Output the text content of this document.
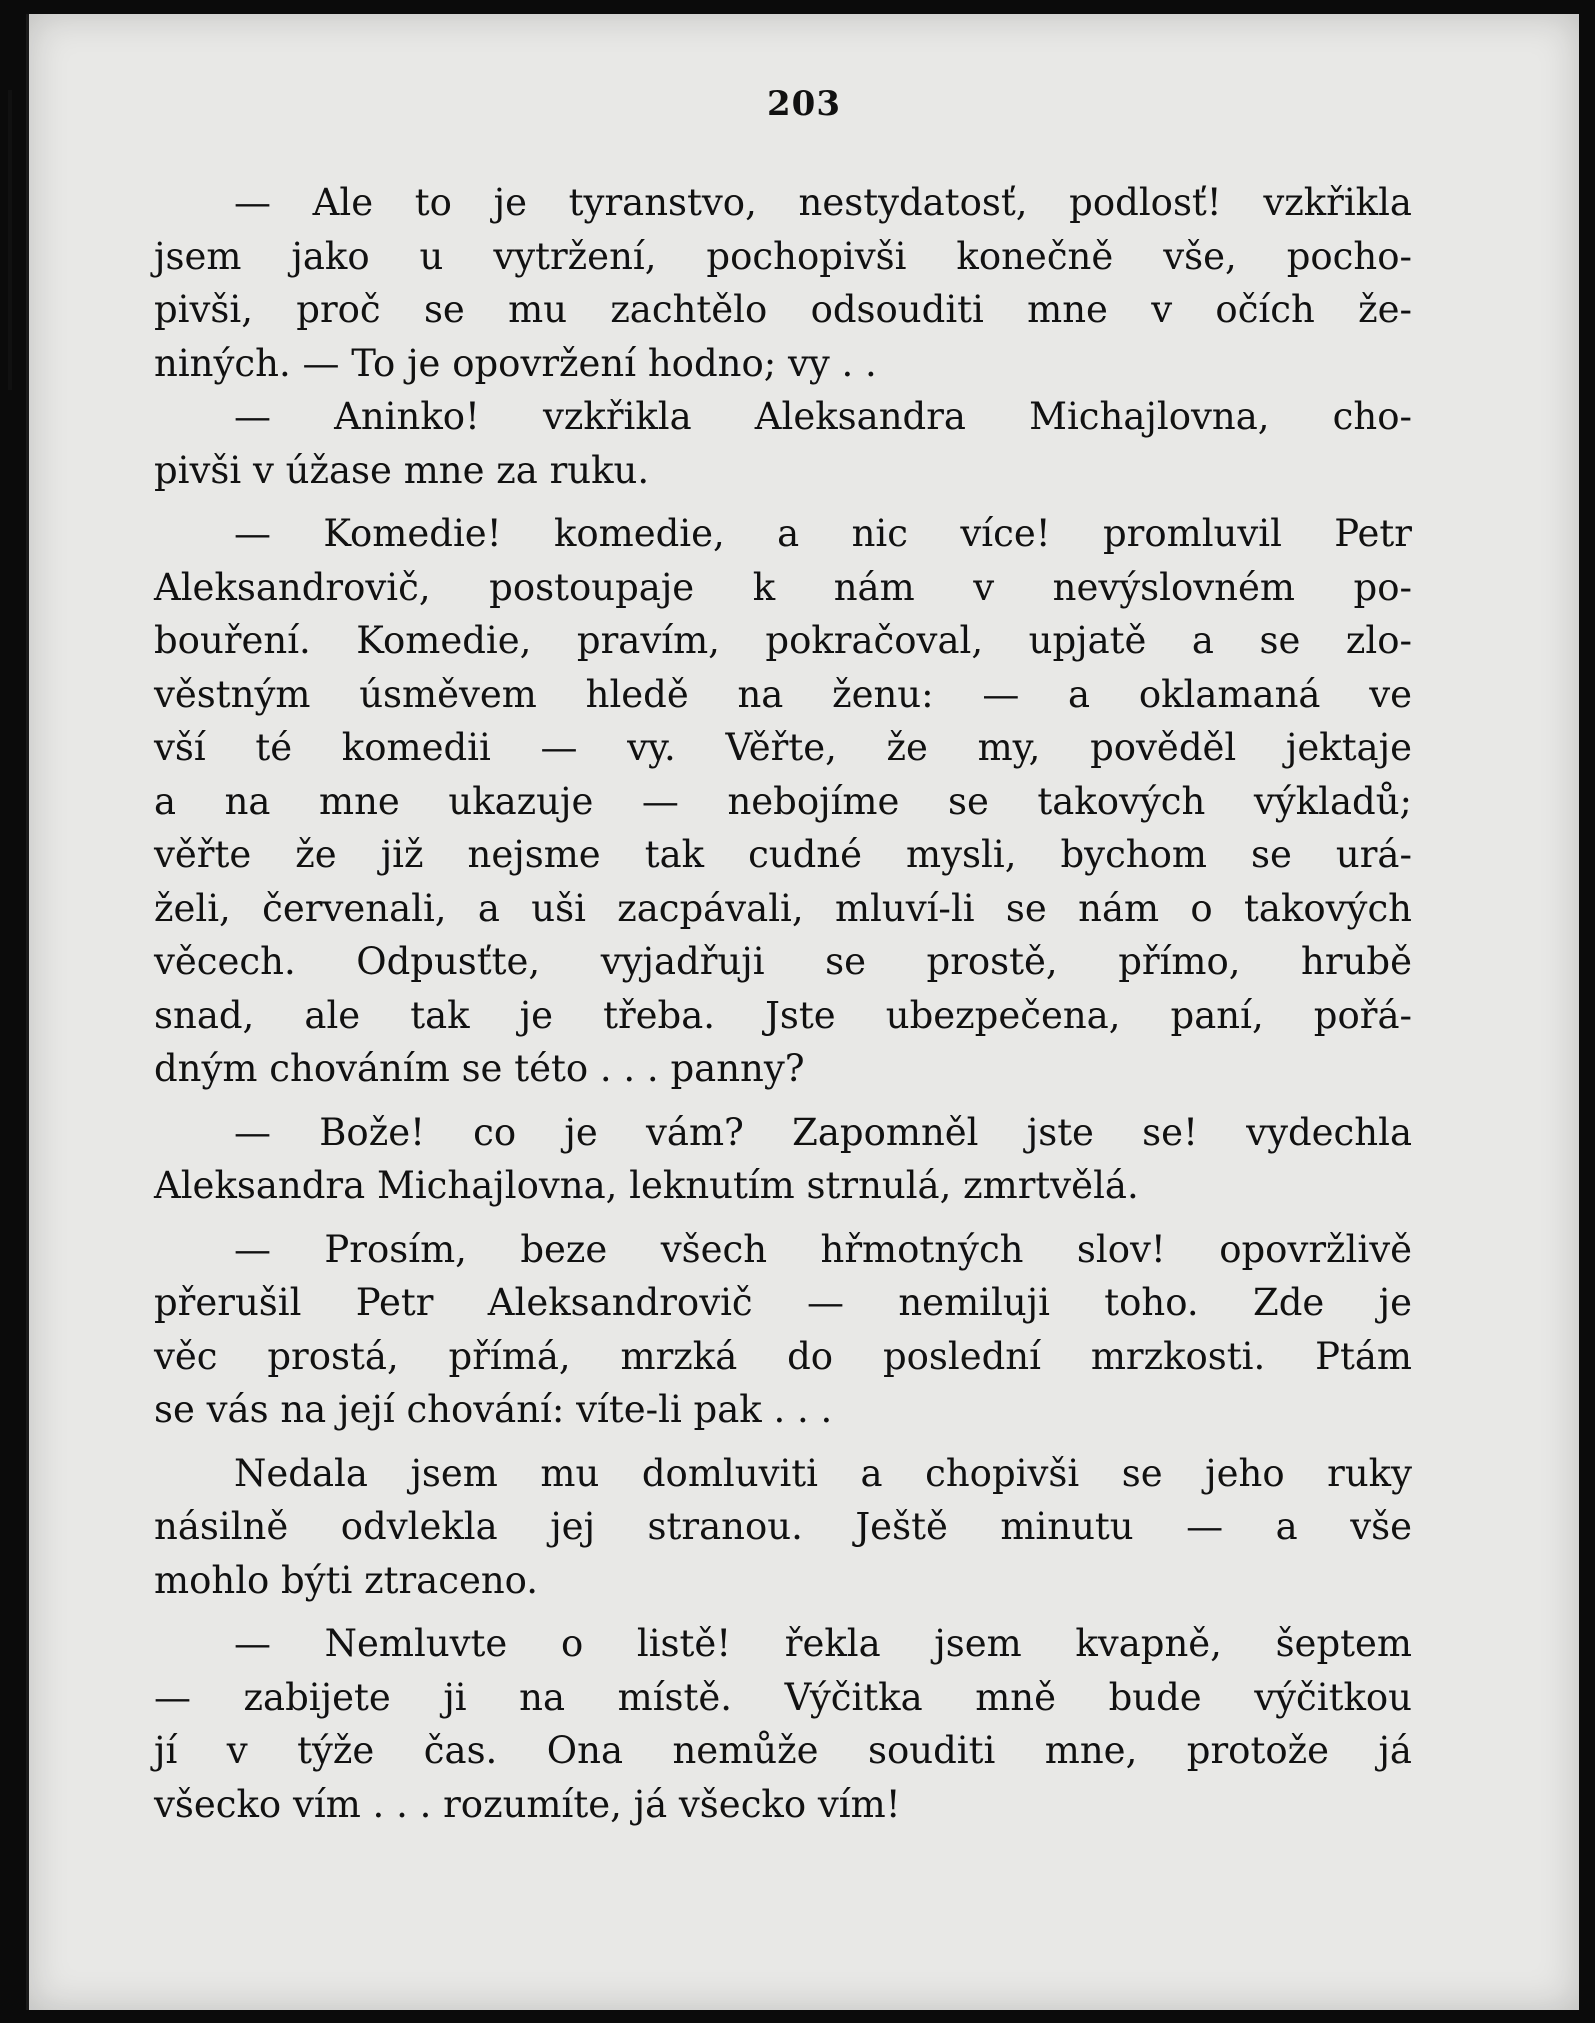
203
— Ale to je tyranstvo, nestydatosť, podlosť! vzkřikla
jsem jako u vytržení, pochopivši konečně vše, pocho-
pivši, proč se mu zachtělo odsouditi mne v očích že-
niných. — To je opovržení hodno; vy . .
— Aninko! vzkřikla Aleksandra Michajlovna, cho-
pivši v úžase mne za ruku.
— Komedie! komedie, a nic více! promluvil Petr
Aleksandrovič, postoupaje k nám v nevýslovném po-
bouření. Komedie, pravím, pokračoval, upjatě a se zlo-
věstným úsměvem hledě na ženu: — a oklamaná ve
vší té komedii — vy. Věřte, že my, pověděl jektaje
a na mne ukazuje — nebojíme se takových výkladů;
věřte že již nejsme tak cudné mysli, bychom se urá-
želi, červenali, a uši zacpávali, mluví-li se nám o takových
věcech. Odpusťte, vyjadřuji se prostě, přímo, hrubě
snad, ale tak je třeba. Jste ubezpečena, paní, pořá-
dným chováním se této . . . panny?
— Bože! co je vám? Zapomněl jste se! vydechla
Aleksandra Michajlovna, leknutím strnulá, zmrtvělá.
— Prosím, beze všech hřmotných slov! opovržlivě
přerušil Petr Aleksandrovič — nemiluji toho. Zde je
věc prostá, přímá, mrzká do poslední mrzkosti. Ptám
se vás na její chování: víte-li pak . . .
Nedala jsem mu domluviti a chopivši se jeho ruky
násilně odvlekla jej stranou. Ještě minutu — a vše
mohlo býti ztraceno.
— Nemluvte o listě! řekla jsem kvapně, šeptem
— zabijete ji na místě. Výčitka mně bude výčitkou
jí v týže čas. Ona nemůže souditi mne, protože já
všecko vím . . . rozumíte, já všecko vím!
